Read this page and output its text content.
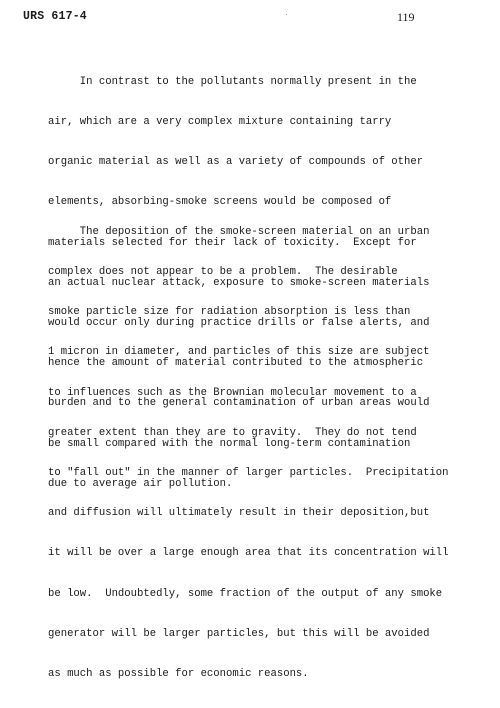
URS 617-4	119

In contrast to the pollutants normally present in the

air, which are a very complex mixture containing tarry

organic material as well as a variety of compounds of other

elements, absorbing-smoke screens would be composed of

materials selected for their lack of toxicity.  Except for

an actual nuclear attack, exposure to smoke-screen materials

would occur only during practice drills or false alerts, and

hence the amount of material contributed to the atmospheric

burden and to the general contamination of urban areas would

be small compared with the normal long-term contamination

due to average air pollution.

The deposition of the smoke-screen material on an urban

complex does not appear to be a problem.  The desirable

smoke particle size for radiation absorption is less than

1 micron in diameter, and particles of this size are subject

to influences such as the Brownian molecular movement to a

greater extent than they are to gravity.  They do not tend

to "fall out" in the manner of larger particles.  Precipitation

and diffusion will ultimately result in their deposition,but

it will be over a large enough area that its concentration will

be low.  Undoubtedly, some fraction of the output of any smoke

generator will be larger particles, but this will be avoided

as much as possible for economic reasons.
